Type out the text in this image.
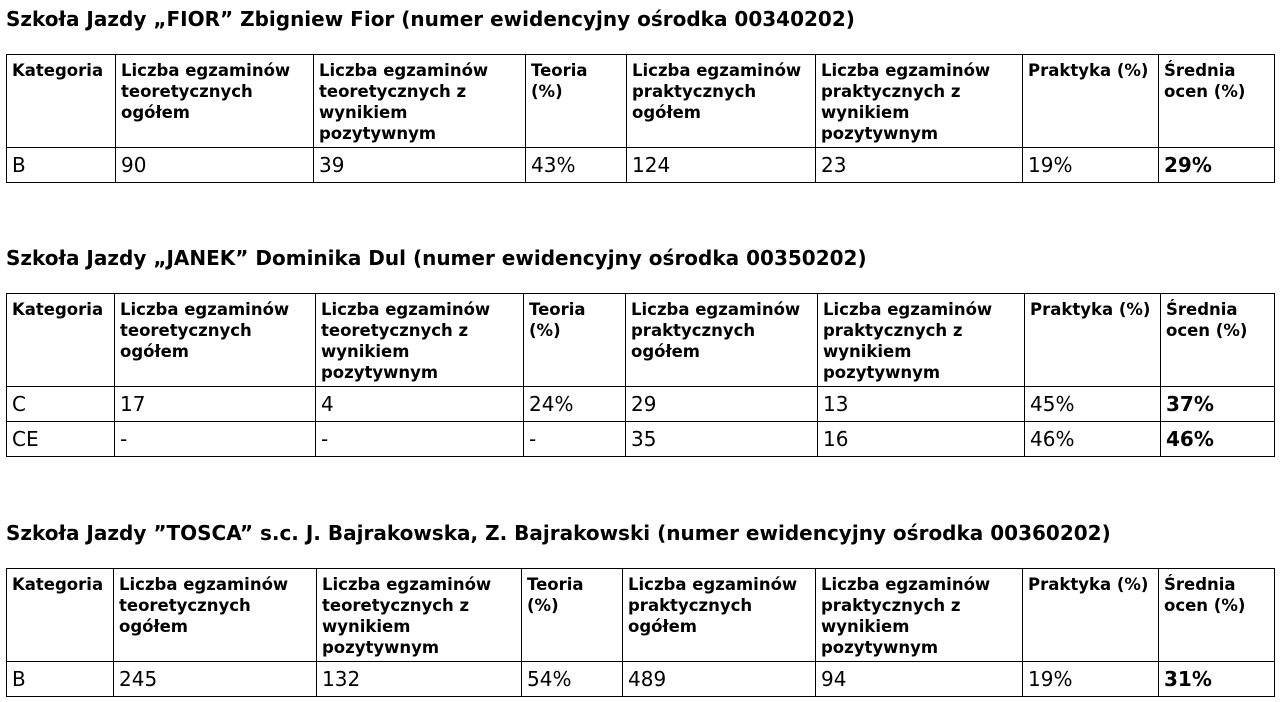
Szkoła Jazdy „FIOR” Zbigniew Fior (numer ewidencyjny ośrodka 00340202)
Kategoria	Liczba egzaminów teoretycznych ogółem	Liczba egzaminów teoretycznych z wynikiem pozytywnym	Teoria (%)	Liczba egzaminów praktycznych ogółem	Liczba egzaminów praktycznych z wynikiem pozytywnym	Praktyka (%)	Średnia ocen (%)
B	90	39	43%	124	23	19%	29%
Szkoła Jazdy „JANEK” Dominika Dul (numer ewidencyjny ośrodka 00350202)
Kategoria	Liczba egzaminów teoretycznych ogółem	Liczba egzaminów teoretycznych z wynikiem pozytywnym	Teoria (%)	Liczba egzaminów praktycznych ogółem	Liczba egzaminów praktycznych z wynikiem pozytywnym	Praktyka (%)	Średnia ocen (%)
C	17	4	24%	29	13	45%	37%
CE	-	-	-	35	16	46%	46%
Szkoła Jazdy ”TOSCA” s.c. J. Bajrakowska, Z. Bajrakowski (numer ewidencyjny ośrodka 00360202)
Kategoria	Liczba egzaminów teoretycznych ogółem	Liczba egzaminów teoretycznych z wynikiem pozytywnym	Teoria (%)	Liczba egzaminów praktycznych ogółem	Liczba egzaminów praktycznych z wynikiem pozytywnym	Praktyka (%)	Średnia ocen (%)
B	245	132	54%	489	94	19%	31%
